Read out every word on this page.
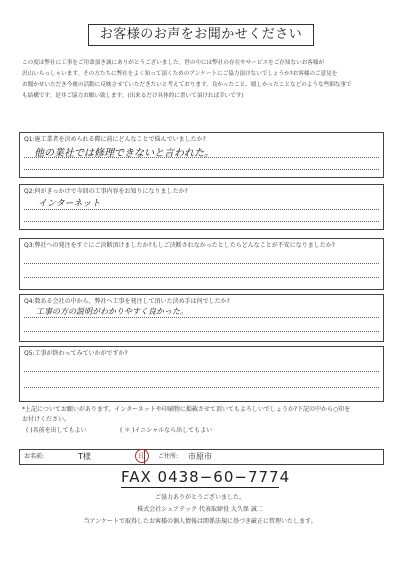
お客様のお声をお聞かせください

この度は弊社に工事をご用命頂き誠にありがとうございました。世の中には弊社の存在やサービスをご存知ないお客様が

沢山いらっしゃいます。その方たちに弊社をよく知って頂くためのアンケートにご協力頂けないでしょうか?お客様のご意見を

お聞かせいただき今後の活動に反映させていただきたいと考えております。良かったこと、嬉しかったことなどのような些細な事で

も結構です。是非ご協力お願い致します。(出来るだけ具体的に書いて頂ければ幸いです)

Q1:施工業者を決められる際に前にどんなことで悩んでいましたか?
他の業社では修理できないと言われた。
Q2:何がきっかけで今回の工事内容をお知りになりましたか?
インターネット
Q3:弊社への発注をすぐにご決断頂けましたか?もしご決断されなかったとしたらどんなことが不安になりましたか?
Q4:数ある会社の中から、弊社へ工事を発注して頂いた決め手は何でしたか?
工事の方の説明がわかりやすく良かった。
Q5:工事が終わってみていかがですか?
*上記についてお願いがあります。インターネットや印刷物に掲載させて頂いてもよろしいでしょうか?下記の中から○印を
お付けください。
( )名前を出してもよい	( ＊ )イニシャルなら出してもよい
お名前:	T様	ご住所: 市原市
印
FAX 0438−60−7774
ご協力ありがとうございました。
株式会社シェアテック 代表取締役 大久保 誠二
当アンケートで取得したお客様の個人情報は関係法規に基づき厳正に管理いたします。
